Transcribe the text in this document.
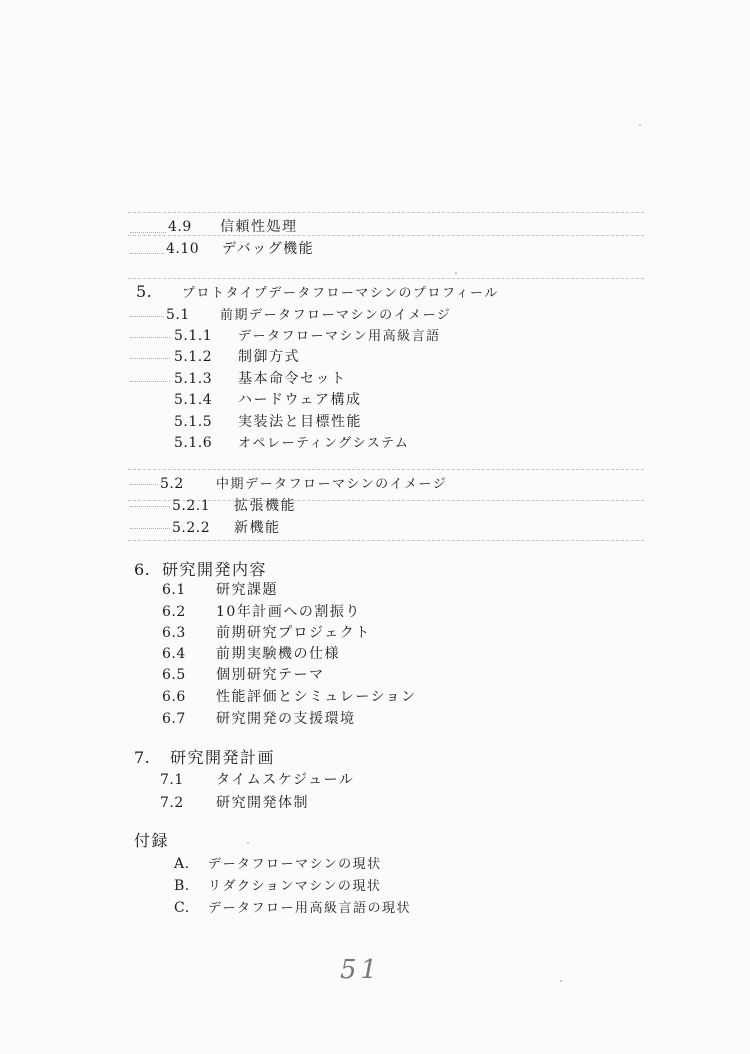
4.9	信頼性処理
4.10	デバッグ機能
5.	プロトタイプデータフローマシンのプロフィール
5.1	前期データフローマシンのイメージ
5.1.1	データフローマシン用高級言語
5.1.2	制御方式
5.1.3	基本命令セット
5.1.4	ハードウェア構成
5.1.5	実装法と目標性能
5.1.6	オペレーティングシステム
5.2	中期データフローマシンのイメージ
5.2.1	拡張機能
5.2.2	新機能
6. 研究開発内容
6.1	研究課題
6.2	10年計画への割振り
6.3	前期研究プロジェクト
6.4	前期実験機の仕様
6.5	個別研究テーマ
6.6	性能評価とシミュレーション
6.7	研究開発の支援環境
7.	研究開発計画
7.1	タイムスケジュール
7.2	研究開発体制
付録
A.	データフローマシンの現状
B.	リダクションマシンの現状
C.	データフロー用高級言語の現状
51
